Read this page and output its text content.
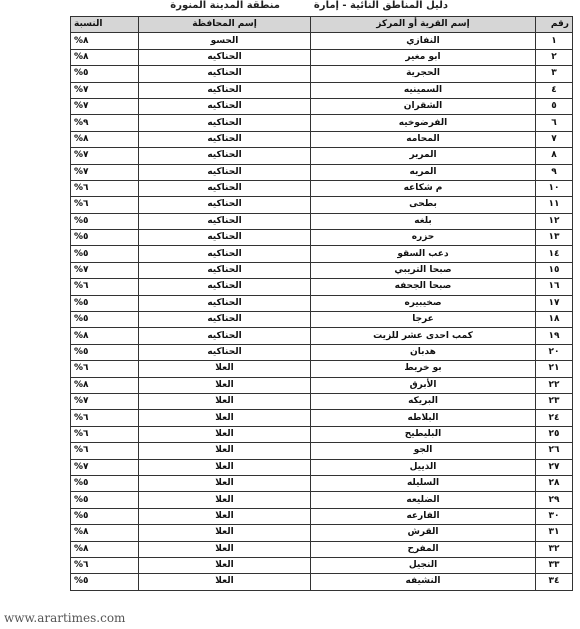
دليل المناطق النائية - إمارة
منطقة المدينة المنورة
رقم	إسم القرية أو المركز	إسم المحافظة	النسبة
١	النفازي	الحسو	%٨
٢	ابو مغير	الحناكيه	%٨
٣	الحجرية	الحناكيه	%٥
٤	السمينيه	الحناكيه	%٧
٥	الشقران	الحناكيه	%٧
٦	الفرضوخيه	الحناكيه	%٩
٧	المحامه	الحناكيه	%٨
٨	المرير	الحناكيه	%٧
٩	المريه	الحناكيه	%٧
١٠	م شكاعه	الحناكيه	%٦
١١	بطحى	الحناكيه	%٦
١٢	بلغه	الحناكيه	%٥
١٣	حزره	الحناكيه	%٥
١٤	دعب السقو	الحناكيه	%٥
١٥	صبحا التريبي	الحناكيه	%٧
١٦	صبحا الجحفه	الحناكيه	%٦
١٧	صخيبيره	الحناكيه	%٥
١٨	عرجا	الحناكيه	%٥
١٩	كمب احدى عشر للزيت	الحناكيه	%٨
٢٠	هدبان	الحناكيه	%٥
٢١	بو خريط	العلا	%٦
٢٢	الأبرق	العلا	%٨
٢٣	البريكه	العلا	%٧
٢٤	البلاطه	العلا	%٦
٢٥	البليطيح	العلا	%٦
٢٦	الجو	العلا	%٦
٢٧	الذييل	العلا	%٧
٢٨	السليله	العلا	%٥
٢٩	الضليعه	العلا	%٥
٣٠	الفارعه	العلا	%٥
٣١	القرش	العلا	%٨
٣٢	المفرح	العلا	%٨
٣٣	النجيل	العلا	%٦
٣٤	النشيفه	العلا	%٥
www.arartimes.com
